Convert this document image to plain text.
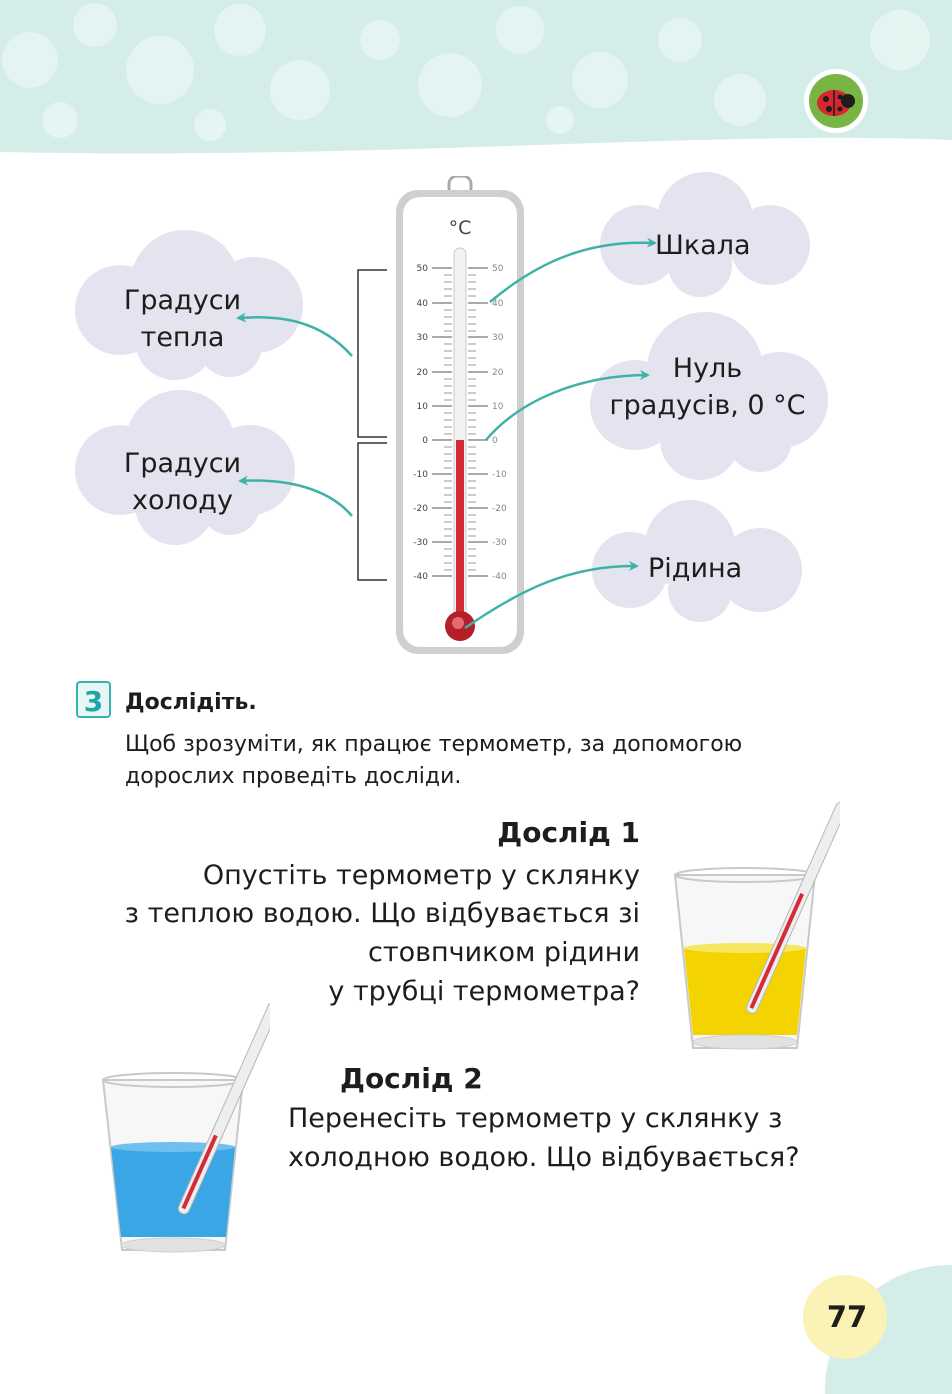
°C
50
40
30
20
10
0
-10
-20
-30
-40
50
40
30
20
10
0
-10
-20
-30
-40
Градуси
тепла
Градуси
холоду
Шкала
Нуль
градусів, 0 °С
Рідина
3 Дослідіть.
Щоб зрозуміти, як працює термометр, за допомогою
дорослих проведіть досліди.
Дослід 1
Опустіть термометр у склянку
з теплою водою. Що відбувається зі
стовпчиком рідини
у трубці термометра?
Дослід 2
Перенесіть термометр у склянку з
холодною водою. Що відбувається?
77
